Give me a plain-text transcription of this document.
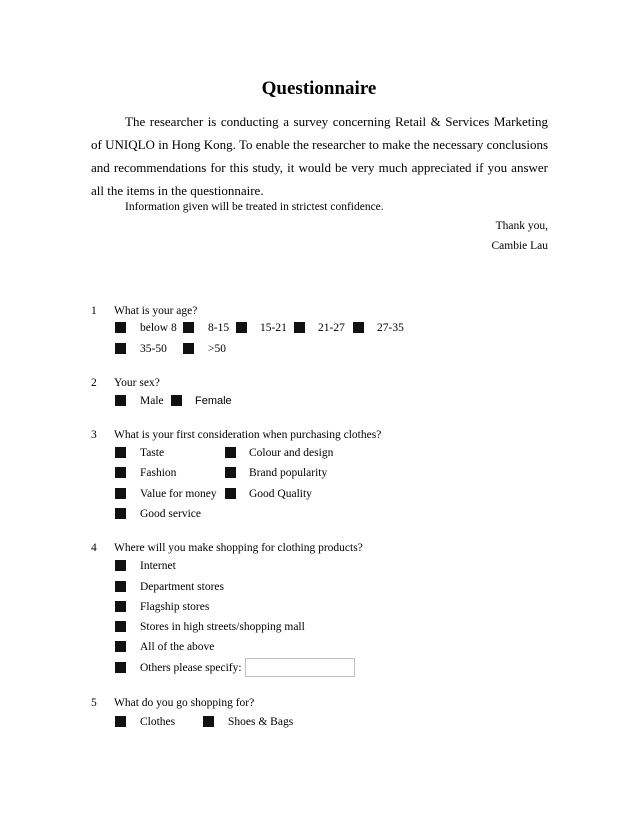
Questionnaire
The researcher is conducting a survey concerning Retail & Services Marketing of UNIQLO in Hong Kong. To enable the researcher to make the necessary conclusions and recommendations for this study, it would be very much appreciated if you answer all the items in the questionnaire.
Information given will be treated in strictest confidence.
Thank you,
Cambie Lau
1 What is your age?
below 8	8-15	15-21	21-27	27-35
35-50	>50
2 Your sex?
Male	Female
3 What is your first consideration when purchasing clothes?
Taste	Colour and design
Fashion	Brand popularity
Value for money	Good Quality
Good service
4 Where will you make shopping for clothing products?
Internet
Department stores
Flagship stores
Stores in high streets/shopping mall
All of the above
Others please specify:
5 What do you go shopping for?
Clothes	Shoes & Bags
